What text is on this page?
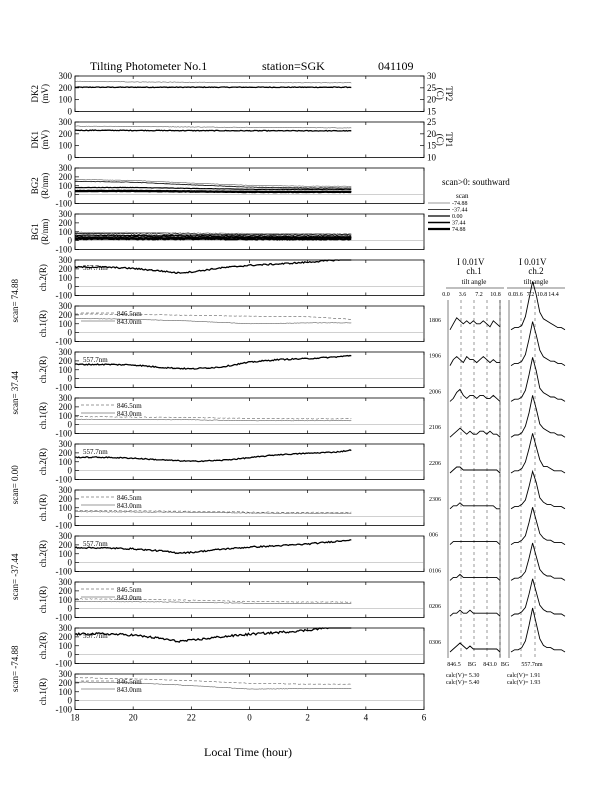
Tilting Photometer No.1	station=SGK	041109
0
100
200
300
15
20
25
30
TP2
(C)
DK2 (mV)
0
100
200
300
10
15
20
25
TP1
(C)
DK1 (mV)
-100
0
100
200
300
BG2 (R/nm)
-100
0
100
200
300
BG1 (R/nm)
-100
0
100
200
300
ch.2(R)	557.7nm
-100
0
100
200
300
ch.1(R)	846.5nm
843.0nm
-100
0
100
200
300
ch.2(R)	557.7nm
-100
0
100
200
300
ch.1(R)	846.5nm
843.0nm
-100
0
100
200
300
ch.2(R)	557.7nm
-100
0
100
200
300
ch.1(R)	846.5nm
843.0nm
-100
0
100
200
300
ch.2(R)	557.7nm
-100
0
100
200
300
ch.1(R)	846.5nm
843.0nm
-100
0
100
200
300
ch.2(R)	557.7nm
-100
0
100
200
300
ch.1(R)	846.5nm
843.0nm
scan= 74.88
scan= 37.44
scan= 0.00
scan= -37.44
scan= -74.88
18	20	22	0	2	4	6
Local Time (hour)
scan>0: southward
scan
-74.88
-37.44
0.00
37.44
74.88
I 0.01V	I 0.01V
ch.1	ch.2
tilt angle	tilt angle
0.0 3.6 7.2 10.8 0.0 3.6 7.2 10.8 14.4
1806
1906
2006
2106
2206
2306
006
0106
0206
0306
846.5 BG 843.0 BG 557.7nm
calc(V)= 5.30
calc(V)= 5.40
calc(V)= 1.91
calc(V)= 1.93
